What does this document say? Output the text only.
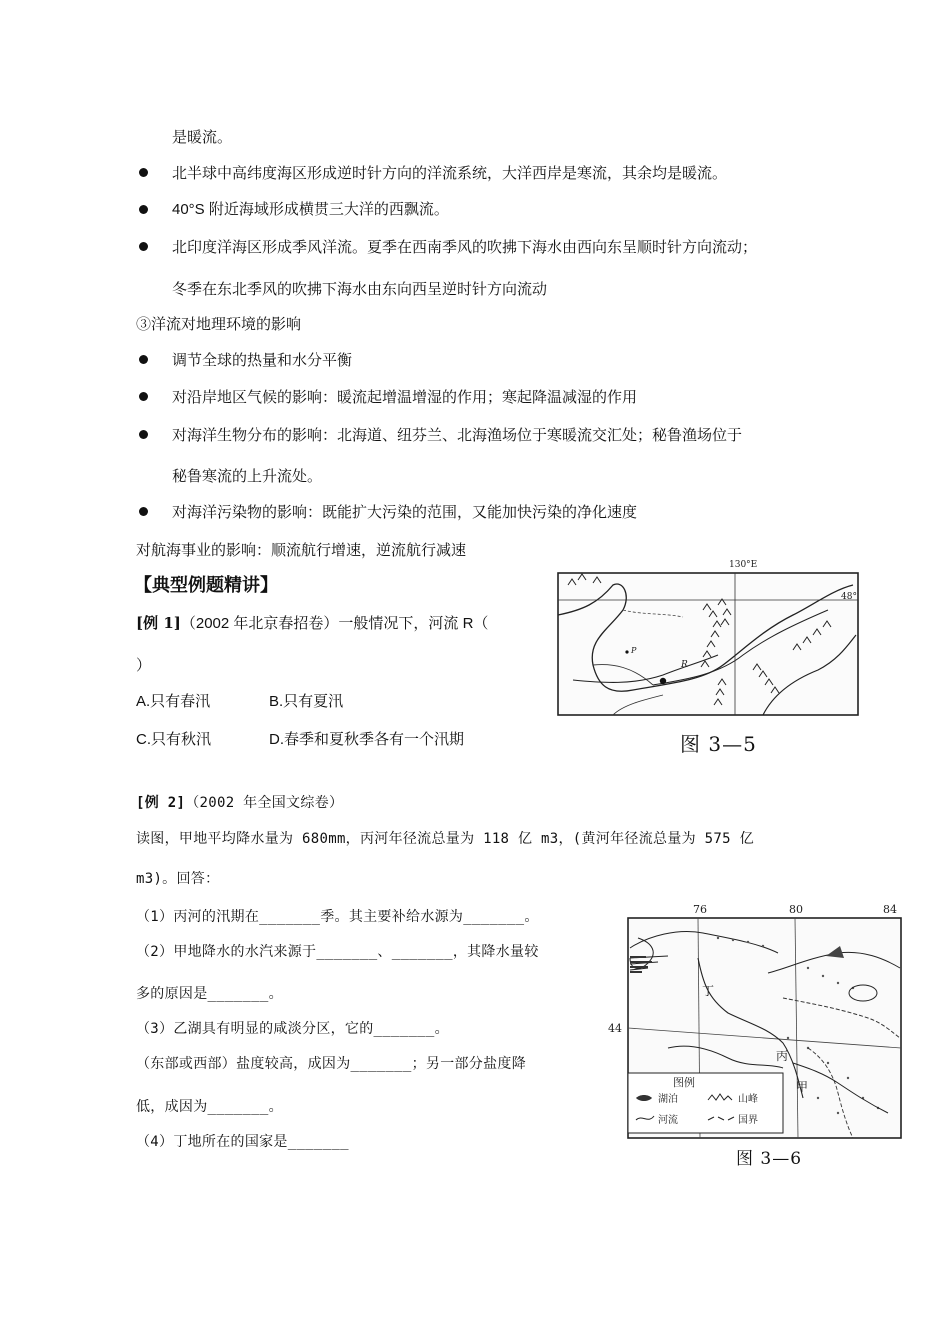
是暖流。
北半球中高纬度海区形成逆时针方向的洋流系统，大洋西岸是寒流，其余均是暖流。
40°S 附近海域形成横贯三大洋的西飘流。
北印度洋海区形成季风洋流。夏季在西南季风的吹拂下海水由西向东呈顺时针方向流动；
冬季在东北季风的吹拂下海水由东向西呈逆时针方向流动
③洋流对地理环境的影响
调节全球的热量和水分平衡
对沿岸地区气候的影响：暖流起增温增湿的作用；寒起降温减湿的作用
对海洋生物分布的影响：北海道、纽芬兰、北海渔场位于寒暖流交汇处；秘鲁渔场位于
秘鲁寒流的上升流处。
对海洋污染物的影响：既能扩大污染的范围，又能加快污染的净化速度
对航海事业的影响：顺流航行增速，逆流航行减速
【典型例题精讲】
[例 1]（2002 年北京春招卷）一般情况下，河流 R（
）
A.只有春汛	B.只有夏汛
C.只有秋汛	D.春季和夏秋季各有一个汛期
R
P
130°E
48°
图 3—5
[例 2]（2002 年全国文综卷）
读图，甲地平均降水量为 680mm，丙河年径流总量为 118 亿 m3，(黄河年径流总量为 575 亿
m3)。回答：
（1）丙河的汛期在_______季。其主要补给水源为_______。
（2）甲地降水的水汽来源于_______、_______，其降水量较
多的原因是_______。
（3）乙湖具有明显的咸淡分区，它的_______。
（东部或西部）盐度较高，成因为_______；另一部分盐度降
低，成因为_______。
（4）丁地所在的国家是_______
76	80	84
44
丁
丙
甲
图例
湖泊	山峰
河流	国界
图 3—6
